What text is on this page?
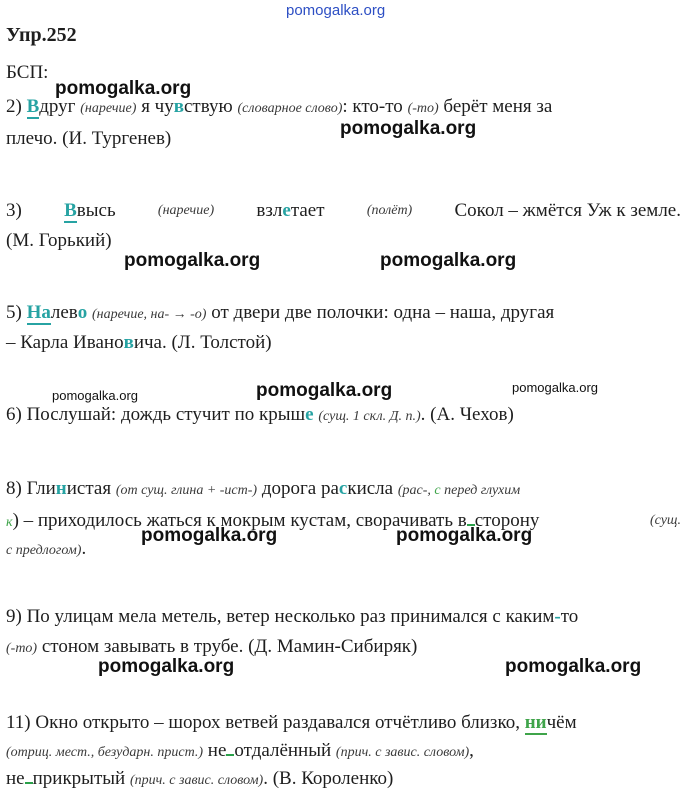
pomogalka.org
pomogalka.org
pomogalka.org
pomogalka.org	pomogalka.org
pomogalka.org	pomogalka.org	pomogalka.org
pomogalka.org	pomogalka.org
pomogalka.org	pomogalka.org
Упр.252
БСП:
2) Вдруг (наречие) я чувствую (словарное слово): кто-то (-то) берёт меня за
плечо. (И. Тургенев)
3) Ввысь	(наречие) взлетает	(полёт) Сокол – жмётся Уж к земле.
(М. Горький)
5) Налево (наречие, на- → -о) от двери две полочки: одна – наша, другая
– Карла Ивановича. (Л. Толстой)
6) Послушай: дождь стучит по крыше (сущ. 1 скл. Д. п.). (А. Чехов)
8) Глинистая (от сущ. глина + -ист-) дорога раскисла (рас-, с перед глухим
к) – приходилось жаться к мокрым кустам, сворачивать в сторону	(сущ.
с предлогом).
9) По улицам мела метель, ветер несколько раз принимался с каким-то
(-то) стоном завывать в трубе. (Д. Мамин-Сибиряк)
11) Окно открыто – шорох ветвей раздавался отчётливо близко, ничём
(отриц. мест., безударн. прист.) не отдалённый (прич. с завис. словом),
не прикрытый (прич. с завис. словом). (В. Короленко)
